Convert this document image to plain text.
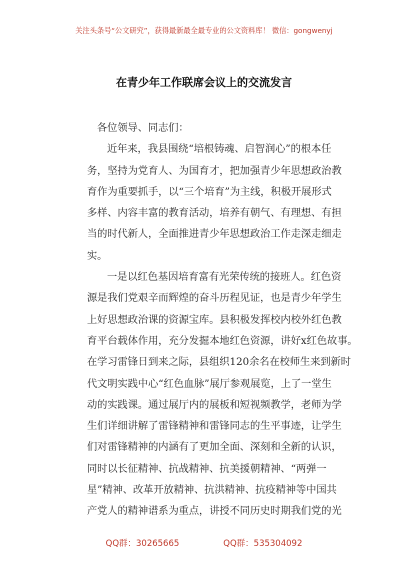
关注头条号“公文研究”，获得最新最全最专业的公文资料库！ 微信：gongwenyj
在青少年工作联席会议上的交流发言
各位领导、同志们：
近年来，我县围绕“培根铸魂、启智润心”的根本任
务，坚持为党育人、为国育才，把加强青少年思想政治教
育作为重要抓手，以“三个培育”为主线，积极开展形式
多样、内容丰富的教育活动，培养有朝气、有理想、有担
当的时代新人，全面推进青少年思想政治工作走深走细走
实。
一是以红色基因培育富有光荣传统的接班人。红色资
源是我们党艰辛而辉煌的奋斗历程见证，也是青少年学生
上好思想政治课的资源宝库。县积极发挥校内校外红色教
育平台载体作用，充分发掘本地红色资源，讲好x红色故事。
在学习雷锋日到来之际，县组织120余名在校师生来到新时
代文明实践中心“红色血脉”展厅参观展览，上了一堂生
动的实践课。通过展厅内的展板和短视频教学，老师为学
生们详细讲解了雷锋精神和雷锋同志的生平事迹，让学生
们对雷锋精神的内涵有了更加全面、深刻和全新的认识，
同时以长征精神、抗战精神、抗美援朝精神、“两弹一
星”精神、改革开放精神、抗洪精神、抗疫精神等中国共
产党人的精神谱系为重点，讲授不同历史时期我们党的光
QQ群：30265665	QQ群：535304092
